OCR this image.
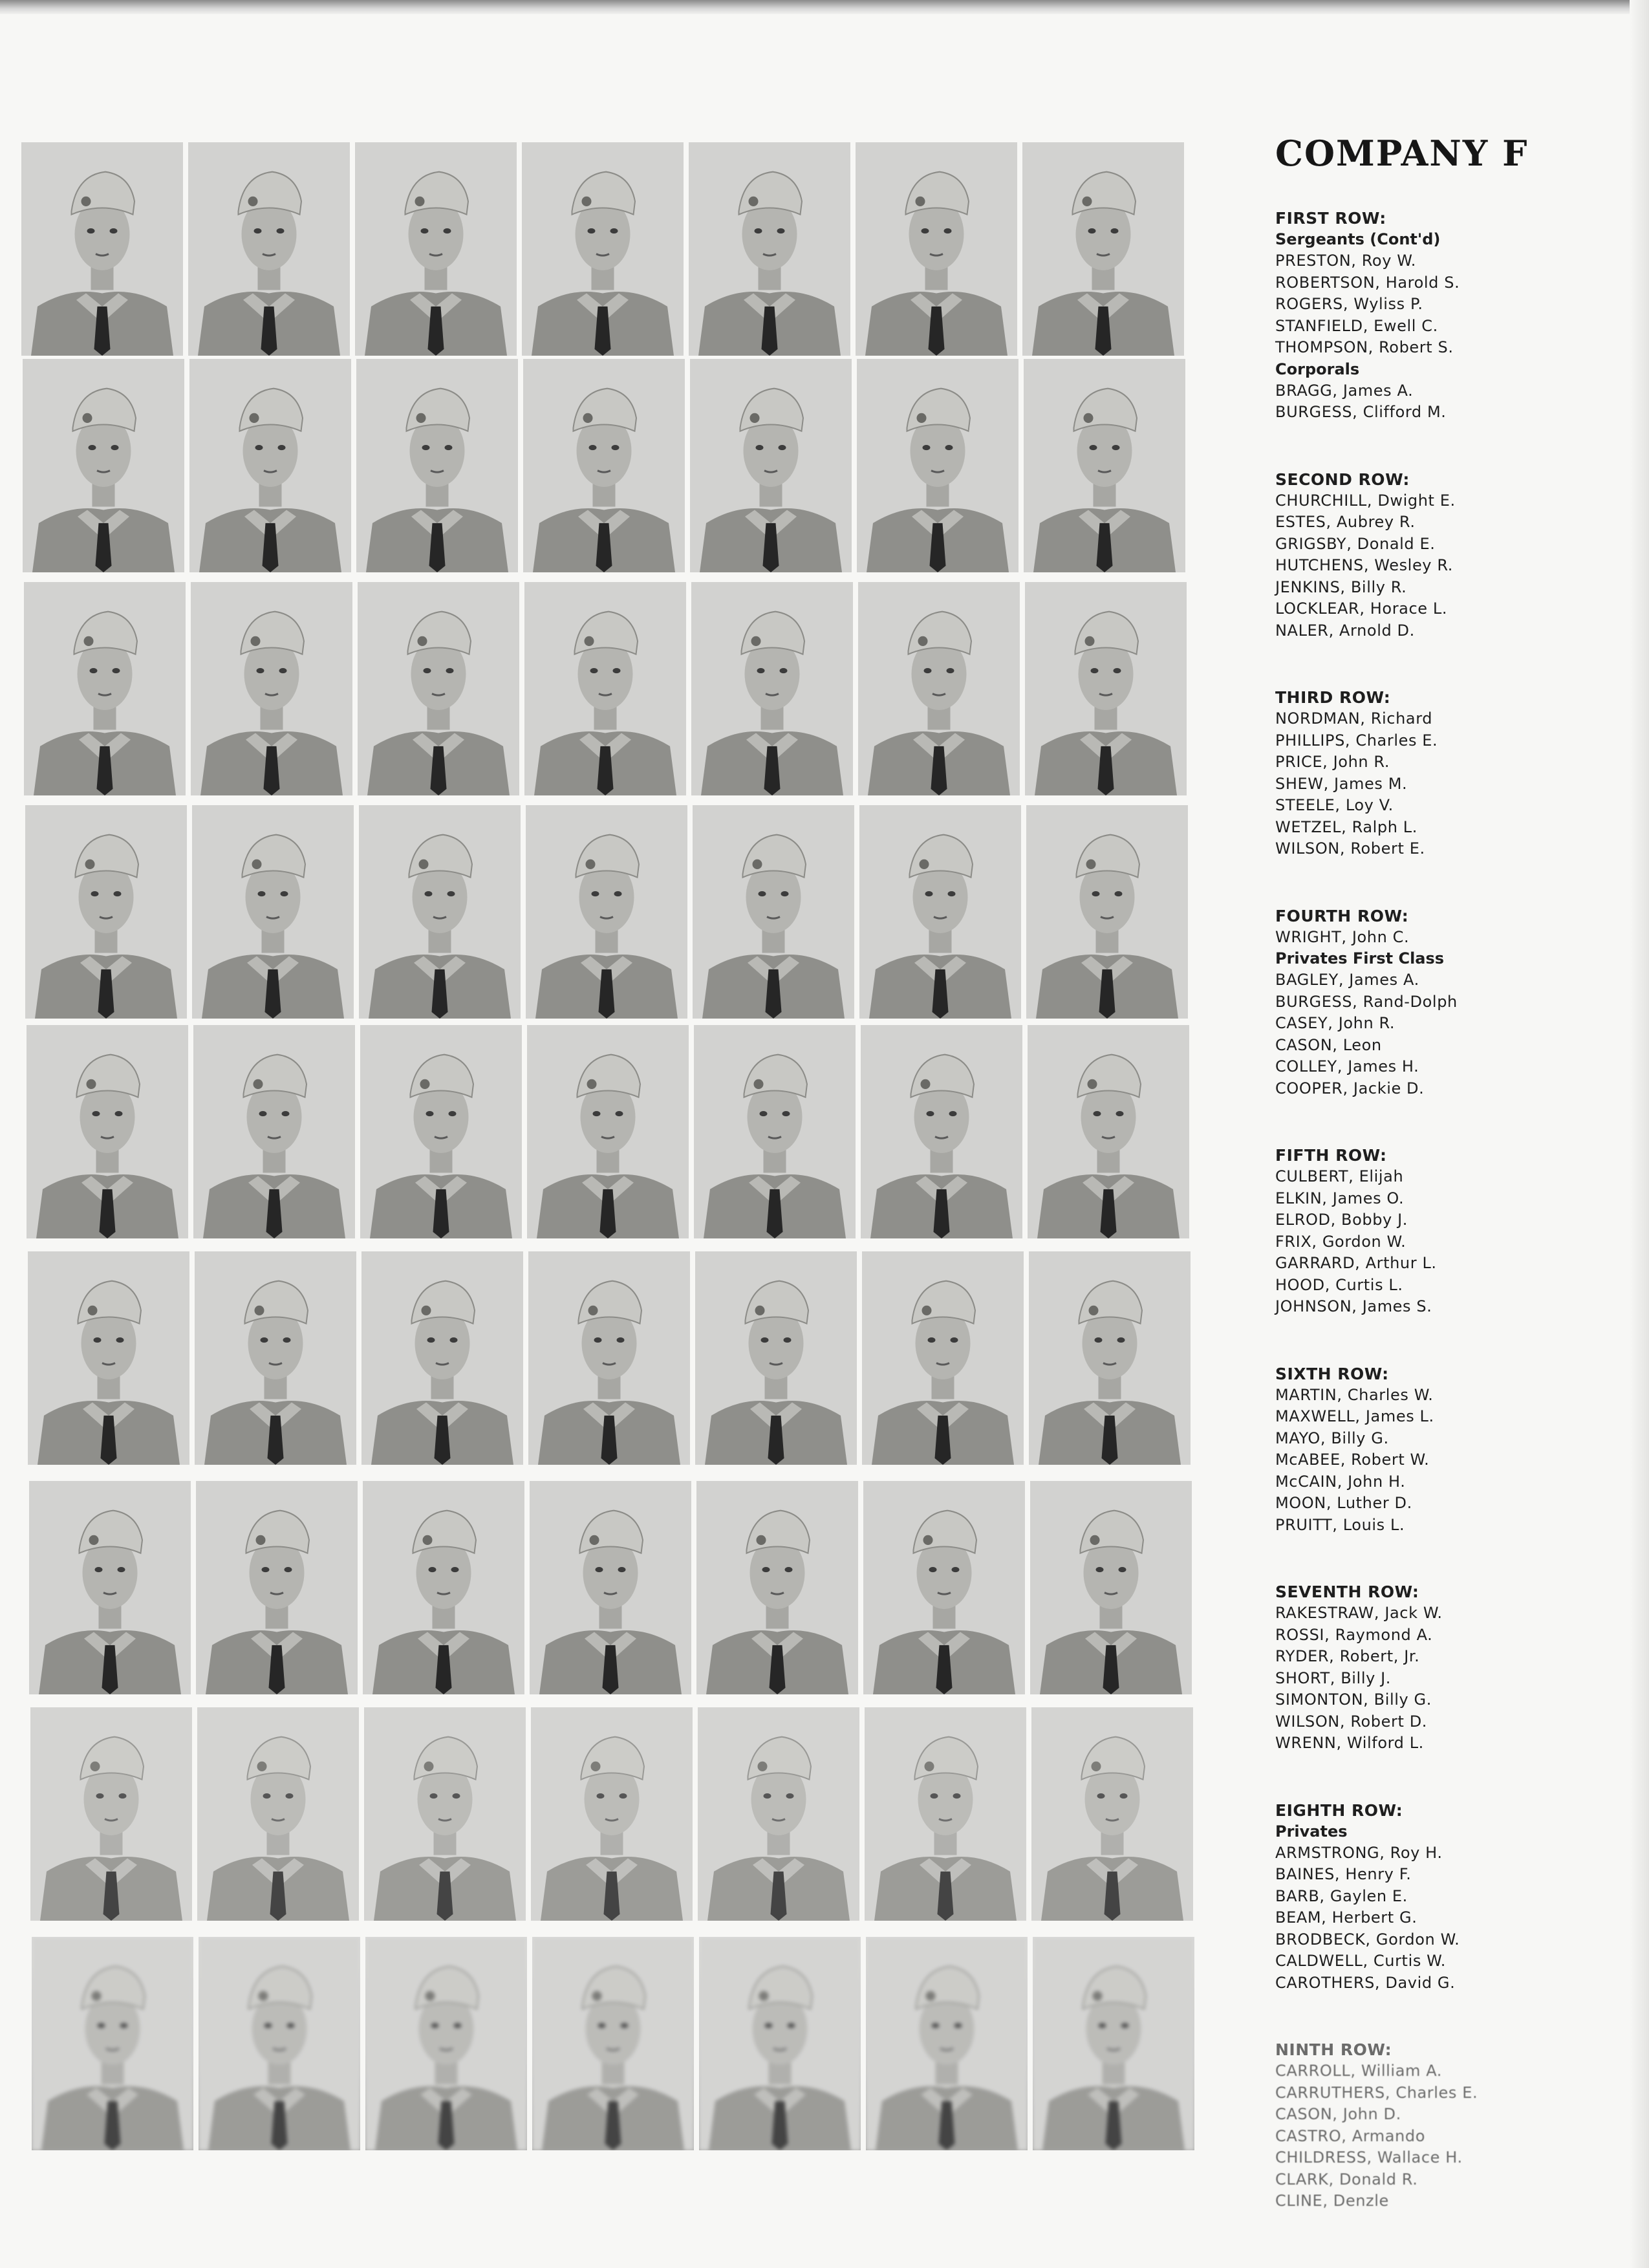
COMPANY F

FIRST ROW:

Sergeants (Cont'd)

PRESTON, Roy W.

ROBERTSON, Harold S.

ROGERS, Wyliss P.

STANFIELD, Ewell C.

THOMPSON, Robert S.

Corporals

BRAGG, James A.

BURGESS, Clifford M.

SECOND ROW:

CHURCHILL, Dwight E.

ESTES, Aubrey R.

GRIGSBY, Donald E.

HUTCHENS, Wesley R.

JENKINS, Billy R.

LOCKLEAR, Horace L.

NALER, Arnold D.

THIRD ROW:

NORDMAN, Richard

PHILLIPS, Charles E.

PRICE, John R.

SHEW, James M.

STEELE, Loy V.

WETZEL, Ralph L.

WILSON, Robert E.

FOURTH ROW:

WRIGHT, John C.

Privates First Class

BAGLEY, James A.

BURGESS, Rand-Dolph

CASEY, John R.

CASON, Leon

COLLEY, James H.

COOPER, Jackie D.

FIFTH ROW:

CULBERT, Elijah

ELKIN, James O.

ELROD, Bobby J.

FRIX, Gordon W.

GARRARD, Arthur L.

HOOD, Curtis L.

JOHNSON, James S.

SIXTH ROW:

MARTIN, Charles W.

MAXWELL, James L.

MAYO, Billy G.

McABEE, Robert W.

McCAIN, John H.

MOON, Luther D.

PRUITT, Louis L.

SEVENTH ROW:

RAKESTRAW, Jack W.

ROSSI, Raymond A.

RYDER, Robert, Jr.

SHORT, Billy J.

SIMONTON, Billy G.

WILSON, Robert D.

WRENN, Wilford L.

EIGHTH ROW:

Privates

ARMSTRONG, Roy H.

BAINES, Henry F.

BARB, Gaylen E.

BEAM, Herbert G.

BRODBECK, Gordon W.

CALDWELL, Curtis W.

CAROTHERS, David G.

NINTH ROW:

CARROLL, William A.

CARRUTHERS, Charles E.

CASON, John D.

CASTRO, Armando

CHILDRESS, Wallace H.

CLARK, Donald R.

CLINE, Denzle
